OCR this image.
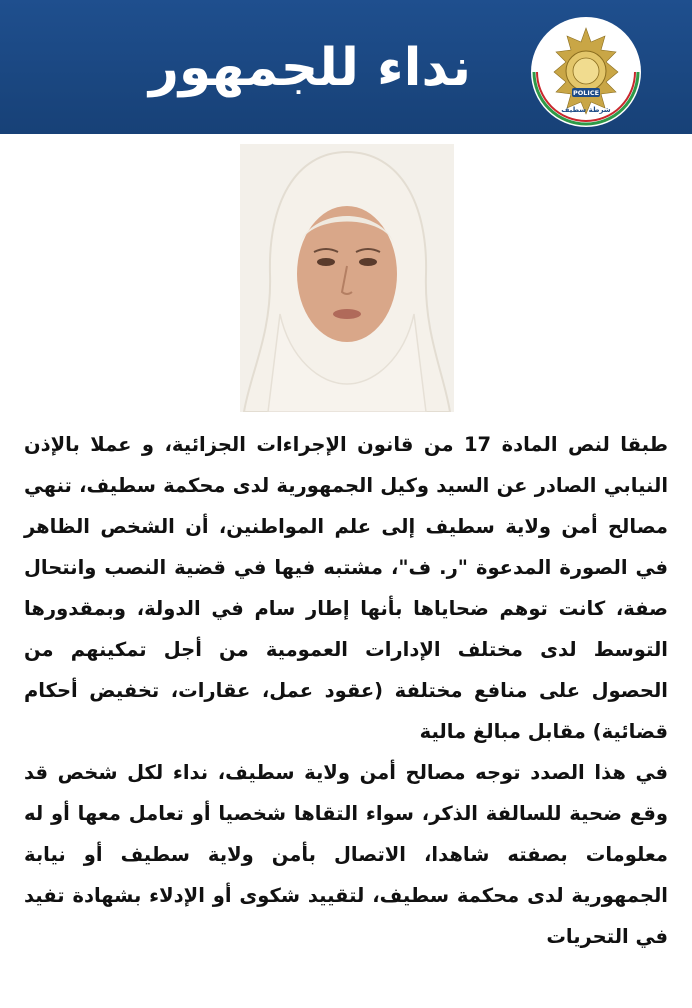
نداء للجمهور	POLICE
شرطة سطيف

طبقا لنص المادة 17 من قانون الإجراءات الجزائية، و عملا بالإذن النيابي الصادر عن السيد وكيل الجمهورية لدى محكمة سطيف، تنهي مصالح أمن ولاية سطيف إلى علم المواطنين، أن الشخص الظاهر في الصورة المدعوة "ر. ف"، مشتبه فيها في قضية النصب وانتحال صفة، كانت توهم ضحاياها بأنها إطار سام في الدولة، وبمقدورها التوسط لدى مختلف الإدارات العمومية من أجل تمكينهم من الحصول على منافع مختلفة (عقود عمل، عقارات، تخفيض أحكام قضائية) مقابل مبالغ مالية

في هذا الصدد توجه مصالح أمن ولاية سطيف، نداء لكل شخص قد وقع ضحية للسالفة الذكر، سواء التقاها شخصيا أو تعامل معها أو له معلومات بصفته شاهدا، الاتصال بأمن ولاية سطيف أو نيابة الجمهورية لدى محكمة سطيف، لتقييد شكوى أو الإدلاء بشهادة تفيد في التحريات
